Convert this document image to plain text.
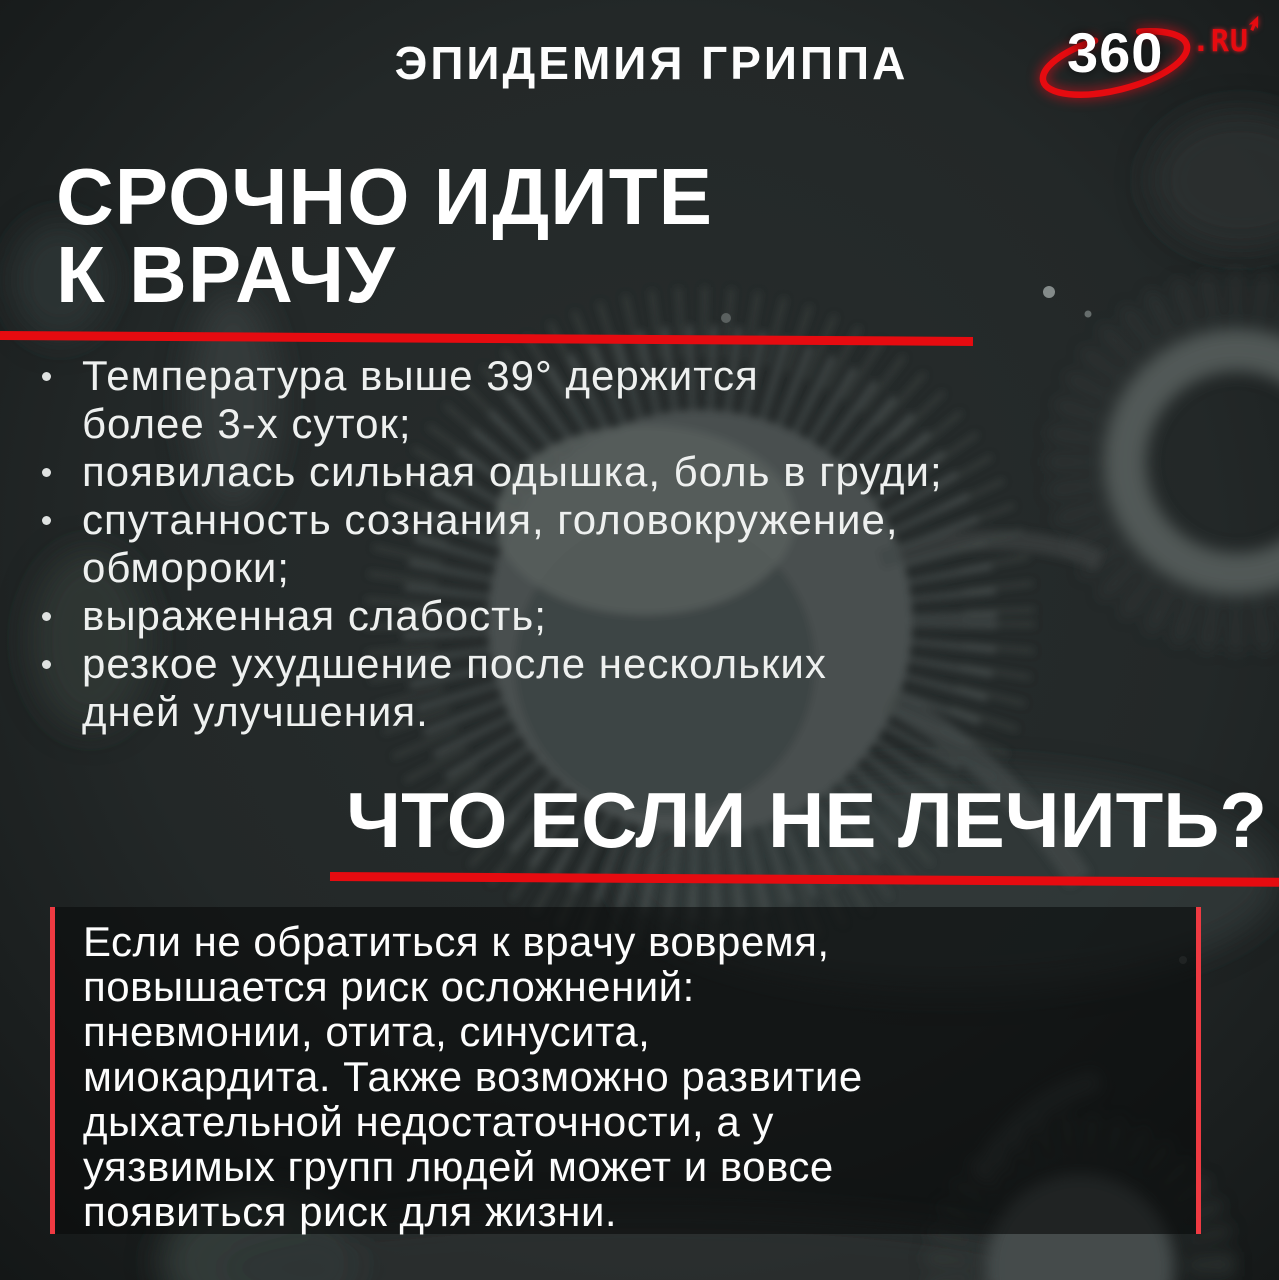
ЭПИДЕМИЯ ГРИППА	360 .RU
СРОЧНО ИДИТЕ
К ВРАЧУ
Температура выше 39° держится
более 3-х суток;
появилась сильная одышка, боль в груди;
спутанность сознания, головокружение,
обмороки;
выраженная слабость;
резкое ухудшение после нескольких
дней улучшения.
ЧТО ЕСЛИ НЕ ЛЕЧИТЬ?

Если не обратиться к врачу вовремя,
повышается риск осложнений:
пневмонии, отита, синусита,
миокардита. Также возможно развитие
дыхательной недостаточности, а у
уязвимых групп людей может и вовсе
появиться риск для жизни.
